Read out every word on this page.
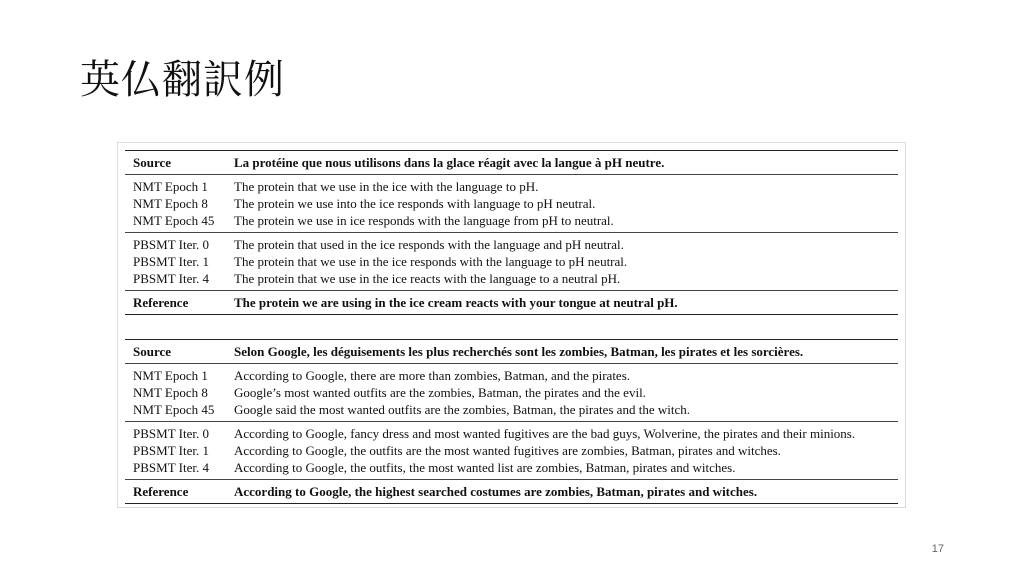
英仏翻訳例
Source	La protéine que nous utilisons dans la glace réagit avec la langue à pH neutre.
NMT Epoch 1	The protein that we use in the ice with the language to pH.
NMT Epoch 8	The protein we use into the ice responds with language to pH neutral.
NMT Epoch 45	The protein we use in ice responds with the language from pH to neutral.
PBSMT Iter. 0	The protein that used in the ice responds with the language and pH neutral.
PBSMT Iter. 1	The protein that we use in the ice responds with the language to pH neutral.
PBSMT Iter. 4	The protein that we use in the ice reacts with the language to a neutral pH.
Reference	The protein we are using in the ice cream reacts with your tongue at neutral pH.
Source	Selon Google, les déguisements les plus recherchés sont les zombies, Batman, les pirates et les sorcières.
NMT Epoch 1	According to Google, there are more than zombies, Batman, and the pirates.
NMT Epoch 8	Google’s most wanted outfits are the zombies, Batman, the pirates and the evil.
NMT Epoch 45	Google said the most wanted outfits are the zombies, Batman, the pirates and the witch.
PBSMT Iter. 0	According to Google, fancy dress and most wanted fugitives are the bad guys, Wolverine, the pirates and their minions.
PBSMT Iter. 1	According to Google, the outfits are the most wanted fugitives are zombies, Batman, pirates and witches.
PBSMT Iter. 4	According to Google, the outfits, the most wanted list are zombies, Batman, pirates and witches.
Reference	According to Google, the highest searched costumes are zombies, Batman, pirates and witches.
17
